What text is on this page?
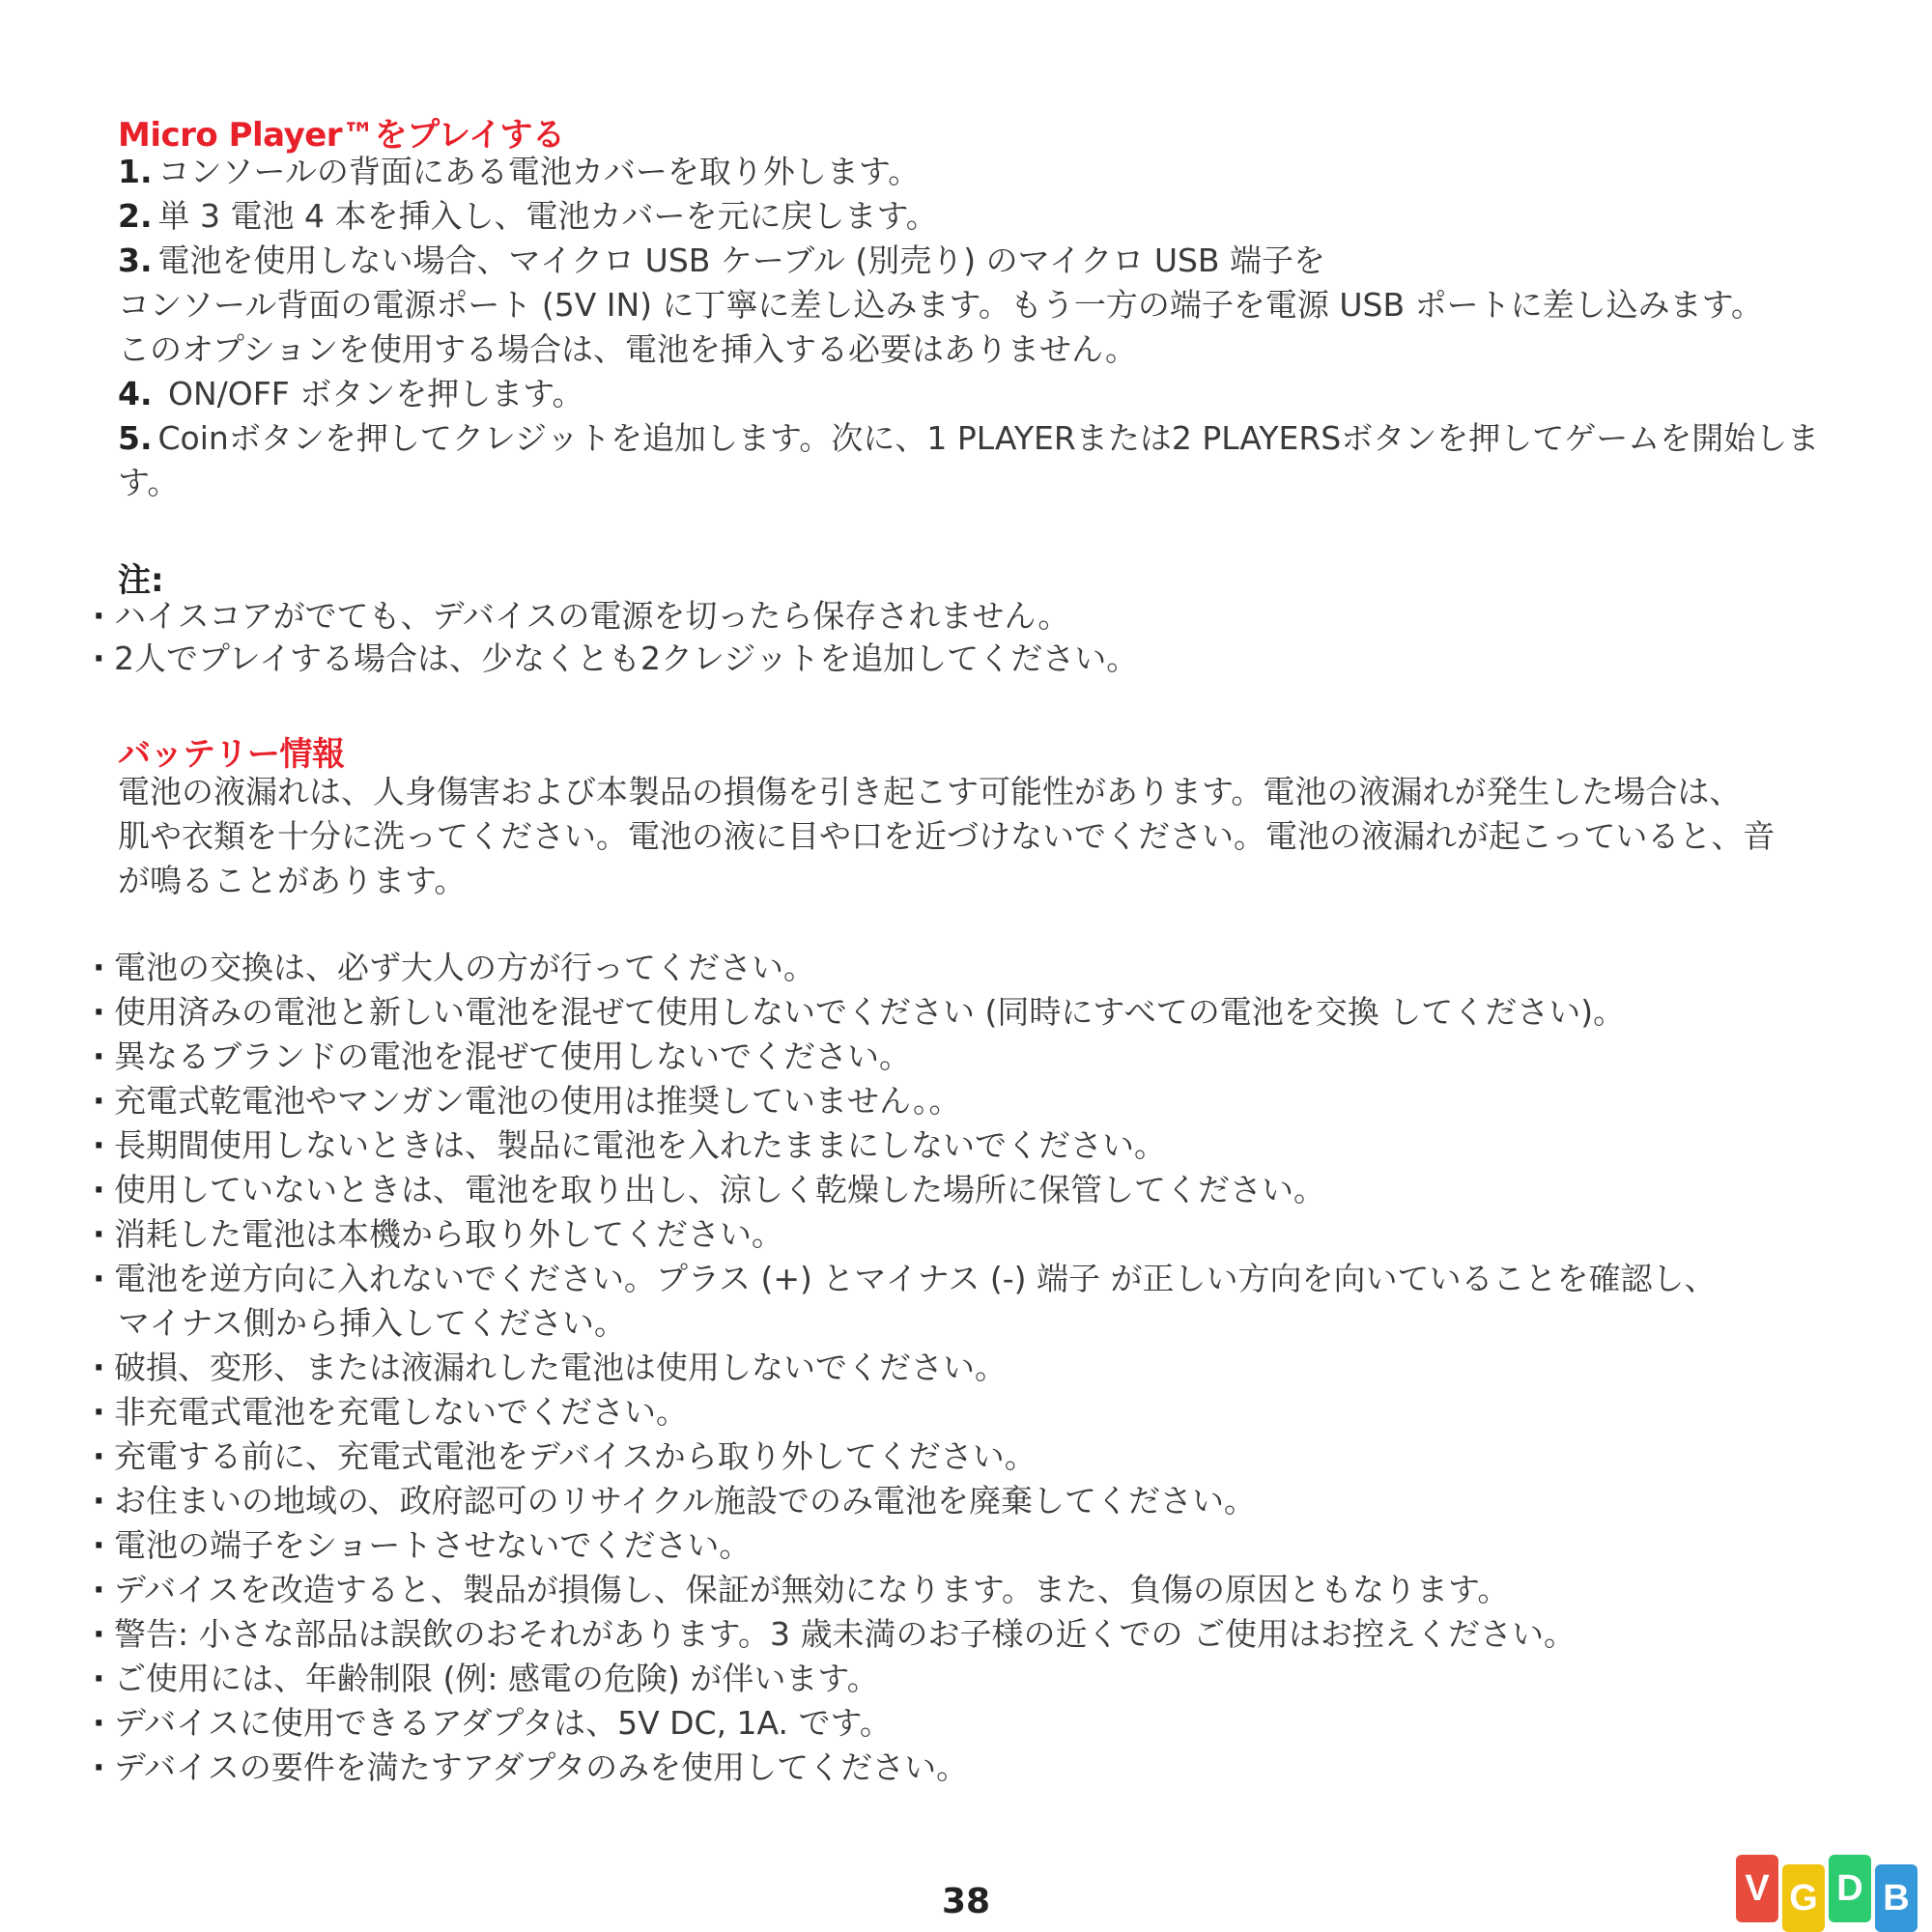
Micro Player™をプレイする
1. コンソールの背面にある電池カバーを取り外します。
2. 単 3 電池 4 本を挿入し、電池カバーを元に戻します。
3. 電池を使用しない場合、マイクロ USB ケーブル (別売り) のマイクロ USB 端子を
コンソール背面の電源ポート (5V IN) に丁寧に差し込みます。もう一方の端子を電源 USB ポートに差し込みます。
このオプションを使用する場合は、電池を挿入する必要はありません。
4. ON/OFF ボタンを押します。
5. Coinボタンを押してクレジットを追加します。次に、1 PLAYERまたは2 PLAYERSボタンを押してゲームを開始しま
す。
注:
· ハイスコアがでても、デバイスの電源を切ったら保存されません。
· 2人でプレイする場合は、少なくとも2クレジットを追加してください。
バッテリー情報
電池の液漏れは、人身傷害および本製品の損傷を引き起こす可能性があります。電池の液漏れが発生した場合は、
肌や衣類を十分に洗ってください。電池の液に目や口を近づけないでください。電池の液漏れが起こっていると、音
が鳴ることがあります。
· 電池の交換は、必ず大人の方が行ってください。
· 使用済みの電池と新しい電池を混ぜて使用しないでください (同時にすべての電池を交換 してください)。
· 異なるブランドの電池を混ぜて使用しないでください。
· 充電式乾電池やマンガン電池の使用は推奨していません。。
· 長期間使用しないときは、製品に電池を入れたままにしないでください。
· 使用していないときは、電池を取り出し、涼しく乾燥した場所に保管してください。
· 消耗した電池は本機から取り外してください。
· 電池を逆方向に入れないでください。プラス (+) とマイナス (-) 端子 が正しい方向を向いていることを確認し、
マイナス側から挿入してください。
· 破損、変形、または液漏れした電池は使用しないでください。
· 非充電式電池を充電しないでください。
· 充電する前に、充電式電池をデバイスから取り外してください。
· お住まいの地域の、政府認可のリサイクル施設でのみ電池を廃棄してください。
· 電池の端子をショートさせないでください。
· デバイスを改造すると、製品が損傷し、保証が無効になります。また、負傷の原因ともなります。
· 警告: 小さな部品は誤飲のおそれがあります。3 歳未満のお子様の近くでの ご使用はお控えください。
· ご使用には、年齢制限 (例: 感電の危険) が伴います。
· デバイスに使用できるアダプタは、5V DC, 1A. です。
· デバイスの要件を満たすアダプタのみを使用してください。
38	V G D B
